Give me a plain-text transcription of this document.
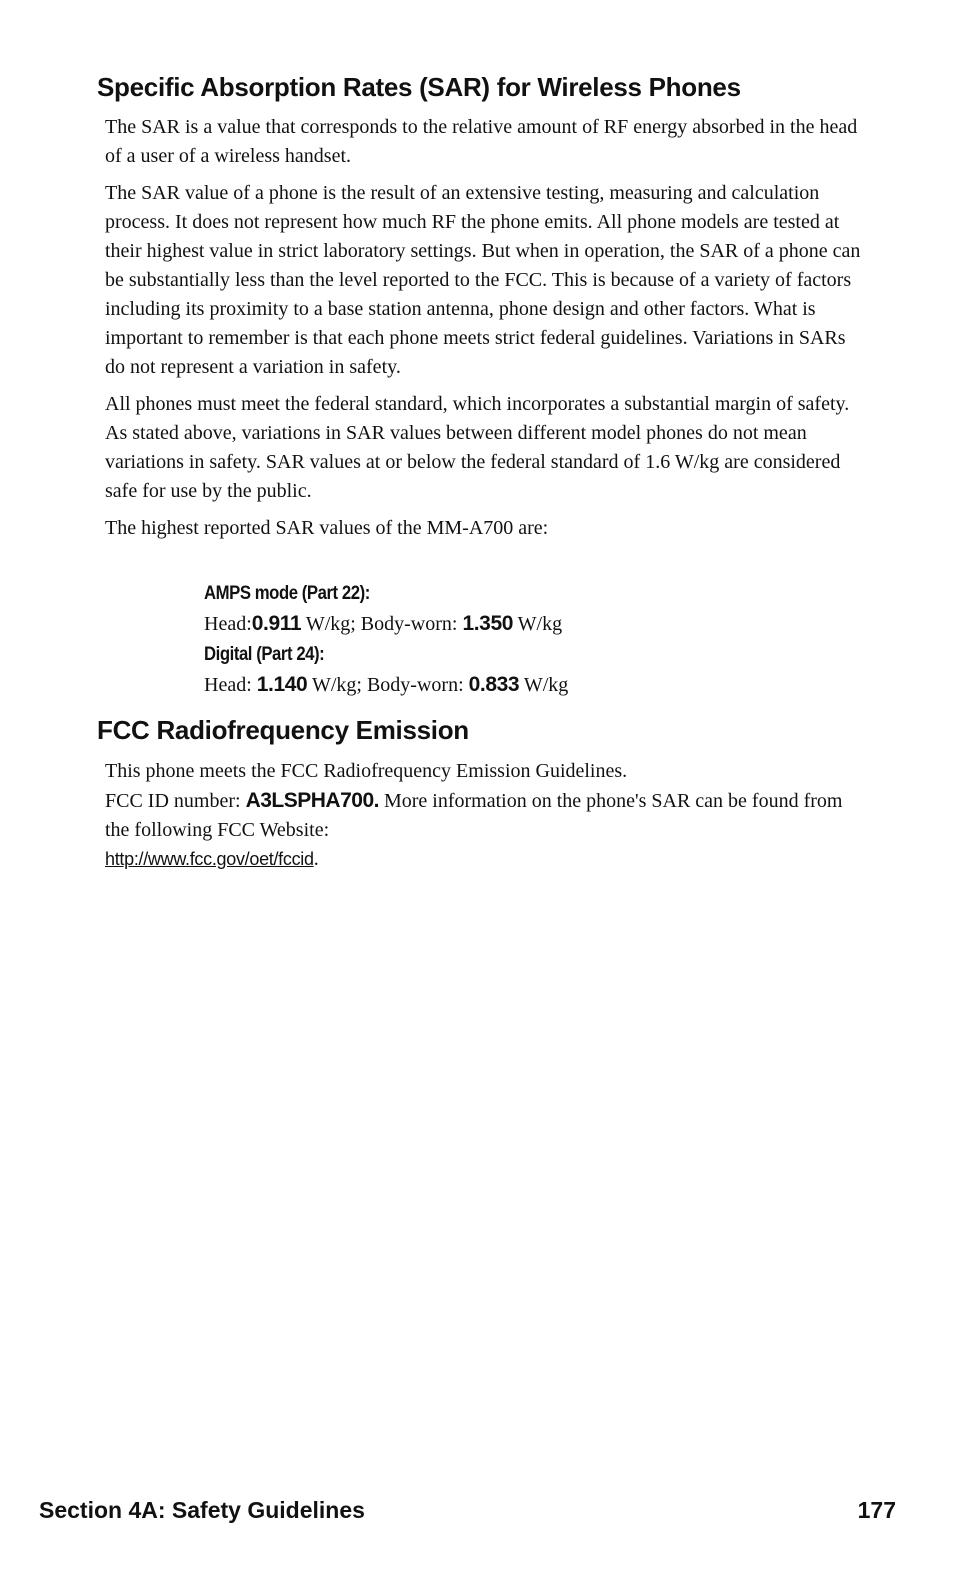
Specific Absorption Rates (SAR) for Wireless Phones

The SAR is a value that corresponds to the relative amount of RF energy absorbed in the head of a user of a wireless handset.

The SAR value of a phone is the result of an extensive testing, measuring and calculation process. It does not represent how much RF the phone emits. All phone models are tested at their highest value in strict laboratory settings. But when in operation, the SAR of a phone can be substantially less than the level reported to the FCC. This is because of a variety of factors including its proximity to a base station antenna, phone design and other factors. What is important to remember is that each phone meets strict federal guidelines. Variations in SARs do not represent a variation in safety.

All phones must meet the federal standard, which incorporates a substantial margin of safety. As stated above, variations in SAR values between different model phones do not mean variations in safety. SAR values at or below the federal standard of 1.6 W/kg are considered safe for use by the public.

The highest reported SAR values of the MM-A700 are:

AMPS mode (Part 22):
Head:0.911 W/kg; Body-worn: 1.350 W/kg
Digital (Part 24):
Head: 1.140 W/kg; Body-worn: 0.833 W/kg
FCC Radiofrequency Emission
This phone meets the FCC Radiofrequency Emission Guidelines.
FCC ID number: A3LSPHA700. More information on the phone's SAR can be found from the following FCC Website:
http://www.fcc.gov/oet/fccid.
Section 4A: Safety Guidelines	177
